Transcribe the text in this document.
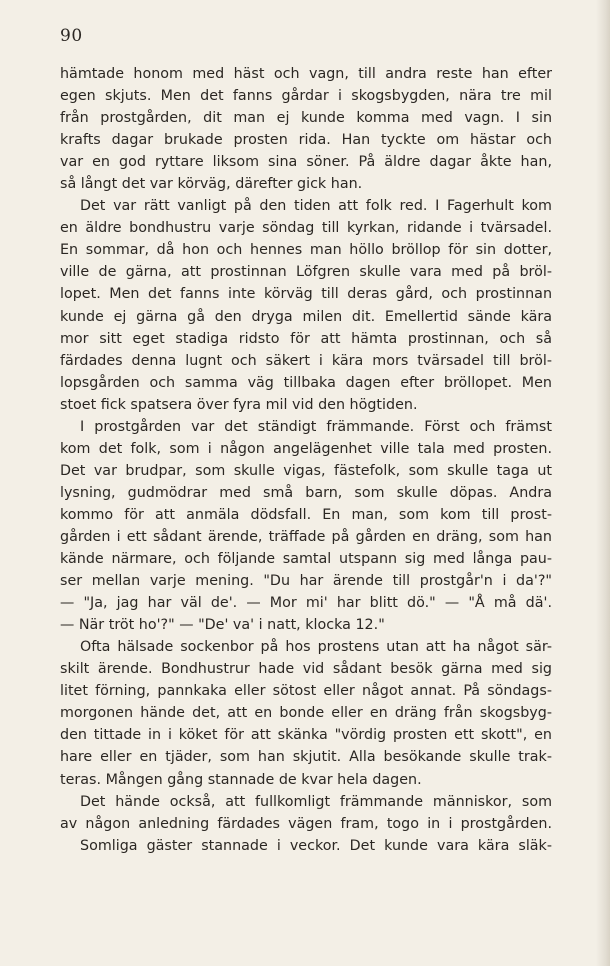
90
hämtade honom med häst och vagn, till andra reste han efter
egen skjuts. Men det fanns gårdar i skogsbygden, nära tre mil
från prostgården, dit man ej kunde komma med vagn. I sin
krafts dagar brukade prosten rida. Han tyckte om hästar och
var en god ryttare liksom sina söner. På äldre dagar åkte han,
så långt det var körväg, därefter gick han.
Det var rätt vanligt på den tiden att folk red. I Fagerhult kom
en äldre bondhustru varje söndag till kyrkan, ridande i tvärsadel.
En sommar, då hon och hennes man höllo bröllop för sin dotter,
ville de gärna, att prostinnan Löfgren skulle vara med på bröl-
lopet. Men det fanns inte körväg till deras gård, och prostinnan
kunde ej gärna gå den dryga milen dit. Emellertid sände kära
mor sitt eget stadiga ridsto för att hämta prostinnan, och så
färdades denna lugnt och säkert i kära mors tvärsadel till bröl-
lopsgården och samma väg tillbaka dagen efter bröllopet. Men
stoet fick spatsera över fyra mil vid den högtiden.
I prostgården var det ständigt främmande. Först och främst
kom det folk, som i någon angelägenhet ville tala med prosten.
Det var brudpar, som skulle vigas, fästefolk, som skulle taga ut
lysning, gudmödrar med små barn, som skulle döpas. Andra
kommo för att anmäla dödsfall. En man, som kom till prost-
gården i ett sådant ärende, träffade på gården en dräng, som han
kände närmare, och följande samtal utspann sig med långa pau-
ser mellan varje mening. "Du har ärende till prostgår'n i da'?"
— "Ja, jag har väl de'. — Mor mi' har blitt dö." — "Å må dä'.
— När tröt ho'?" — "De' va' i natt, klocka 12."
Ofta hälsade sockenbor på hos prostens utan att ha något sär-
skilt ärende. Bondhustrur hade vid sådant besök gärna med sig
litet förning, pannkaka eller sötost eller något annat. På söndags-
morgonen hände det, att en bonde eller en dräng från skogsbyg-
den tittade in i köket för att skänka "vördig prosten ett skott", en
hare eller en tjäder, som han skjutit. Alla besökande skulle trak-
teras. Mången gång stannade de kvar hela dagen.
Det hände också, att fullkomligt främmande människor, som
av någon anledning färdades vägen fram, togo in i prostgården.
Somliga gäster stannade i veckor. Det kunde vara kära släk-
